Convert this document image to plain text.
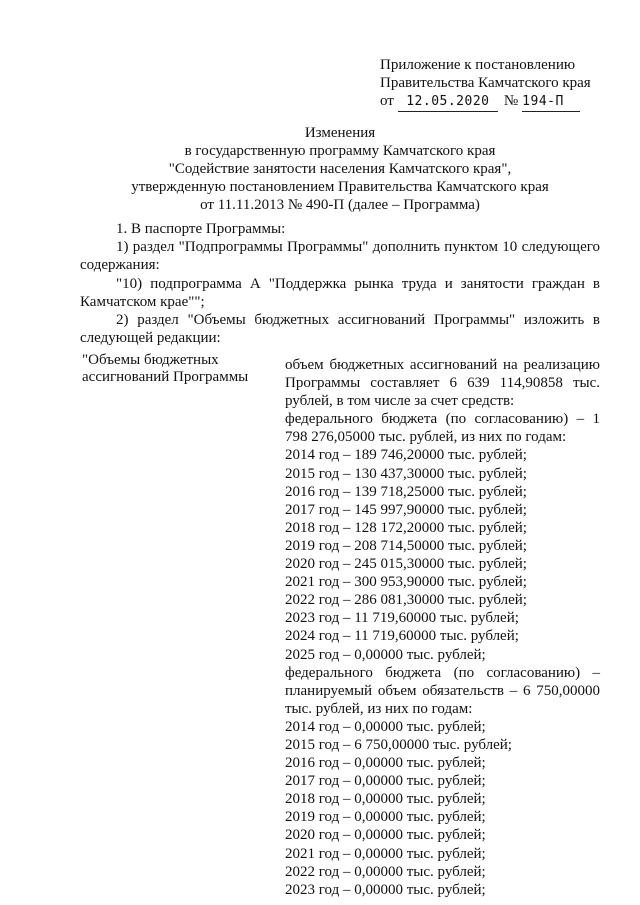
Приложение к постановлению
Правительства Камчатского края
от 12.05.2020 № 194-П
Изменения
в государственную программу Камчатского края
"Содействие занятости населения Камчатского края",
утвержденную постановлением Правительства Камчатского края
от 11.11.2013 № 490-П (далее – Программа)

1. В паспорте Программы:

1) раздел "Подпрограммы Программы" дополнить пунктом 10 следующего содержания:

"10) подпрограмма А "Поддержка рынка труда и занятости граждан в Камчатском крае"";

2) раздел "Объемы бюджетных ассигнований Программы" изложить в следующей редакции:

"Объемы бюджетных ассигнований Программы
объем бюджетных ассигнований на реализацию Программы составляет 6 639 114,90858 тыс. рублей, в том числе за счет средств:
федерального бюджета (по согласованию) – 1 798 276,05000 тыс. рублей, из них по годам:
2014 год – 189 746,20000 тыс. рублей;
2015 год – 130 437,30000 тыс. рублей;
2016 год – 139 718,25000 тыс. рублей;
2017 год – 145 997,90000 тыс. рублей;
2018 год – 128 172,20000 тыс. рублей;
2019 год – 208 714,50000 тыс. рублей;
2020 год – 245 015,30000 тыс. рублей;
2021 год – 300 953,90000 тыс. рублей;
2022 год – 286 081,30000 тыс. рублей;
2023 год – 11 719,60000 тыс. рублей;
2024 год – 11 719,60000 тыс. рублей;
2025 год – 0,00000 тыс. рублей;
федерального бюджета (по согласованию) – планируемый объем обязательств – 6 750,00000 тыс. рублей, из них по годам:
2014 год – 0,00000 тыс. рублей;
2015 год – 6 750,00000 тыс. рублей;
2016 год – 0,00000 тыс. рублей;
2017 год – 0,00000 тыс. рублей;
2018 год – 0,00000 тыс. рублей;
2019 год – 0,00000 тыс. рублей;
2020 год – 0,00000 тыс. рублей;
2021 год – 0,00000 тыс. рублей;
2022 год – 0,00000 тыс. рублей;
2023 год – 0,00000 тыс. рублей;
